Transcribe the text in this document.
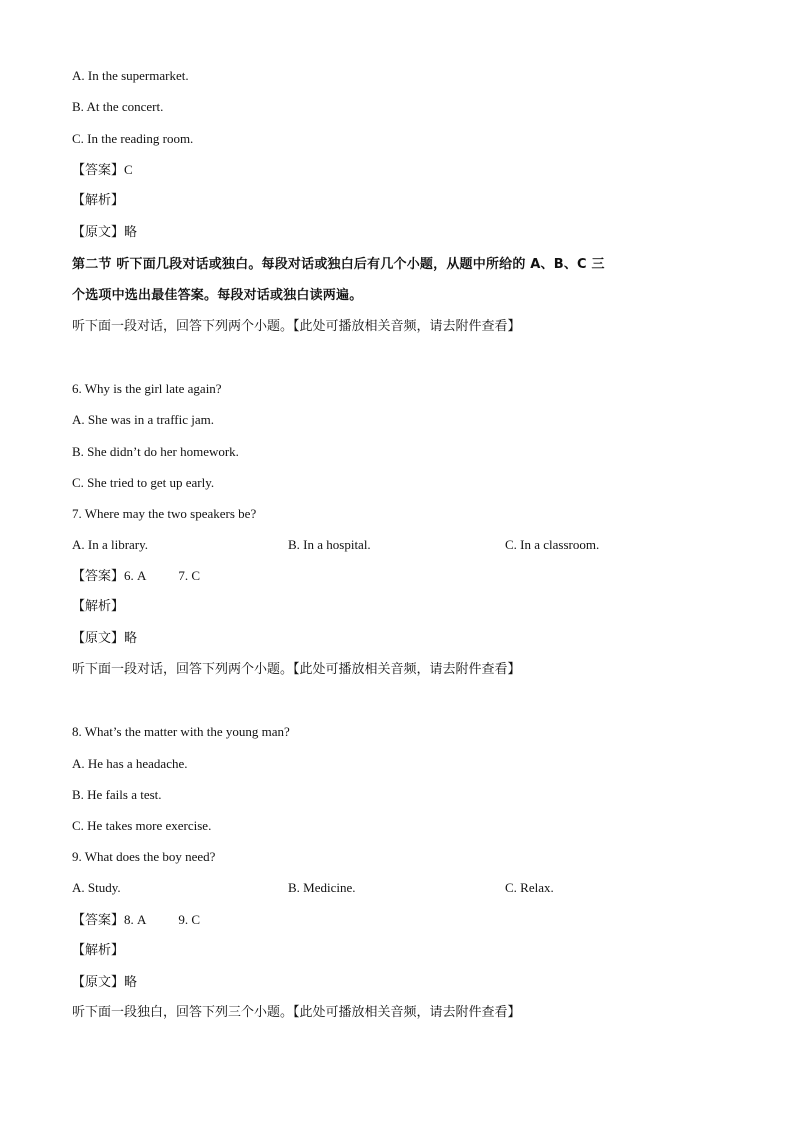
A. In the supermarket.
B. At the concert.
C. In the reading room.
【答案】C
【解析】
【原文】略
第二节 听下面几段对话或独白。每段对话或独白后有几个小题，从题中所给的 A、B、C 三
个选项中选出最佳答案。每段对话或独白读两遍。
听下面一段对话，回答下列两个小题。【此处可播放相关音频，请去附件查看】
6. Why is the girl late again?
A. She was in a traffic jam.
B. She didn’t do her homework.
C. She tried to get up early.
7. Where may the two speakers be?
A. In a library.	B. In a hospital.	C. In a classroom.
【答案】6. A 7. C
【解析】
【原文】略
听下面一段对话，回答下列两个小题。【此处可播放相关音频，请去附件查看】
8. What’s the matter with the young man?
A. He has a headache.
B. He fails a test.
C. He takes more exercise.
9. What does the boy need?
A. Study.	B. Medicine.	C. Relax.
【答案】8. A 9. C
【解析】
【原文】略
听下面一段独白，回答下列三个小题。【此处可播放相关音频，请去附件查看】
